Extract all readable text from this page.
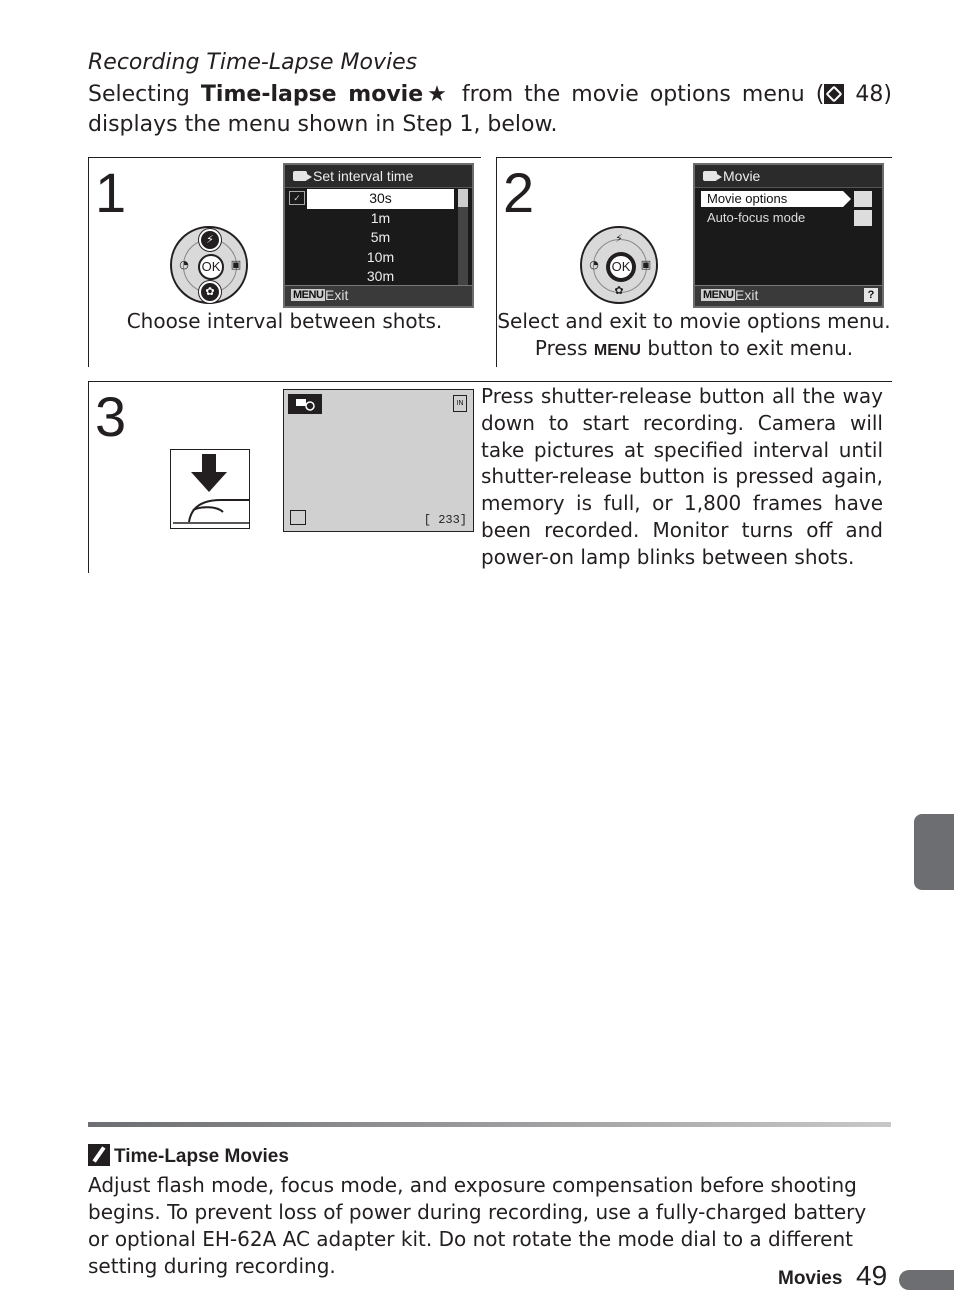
Recording Time-Lapse Movies
Selecting Time-lapse movie★ from the movie options menu ( 48) displays the menu shown in Step 1, below.
1
OK
⚡
◔	▣
✿
Set interval time
✓	30s
1m
5m
10m
30m
MENU Exit
Choose interval between shots.
2
OK
⚡
◔	▣
✿
Movie
Movie options
Auto-focus mode
MENU Exit	?
Select and exit to movie options menu.
Press MENU button to exit menu.
3	IN
[ 233]
Press shutter-release button all the way down to start recording. Camera will take pictures at specified interval until shutter-release button is pressed again, memory is full, or 1,800 frames have been recorded. Monitor turns off and power-on lamp blinks between shots.
Time-Lapse Movies
Adjust flash mode, focus mode, and exposure compensation before shooting begins. To prevent loss of power during recording, use a fully-charged battery or optional EH-62A AC adapter kit. Do not rotate the mode dial to a different setting during recording.
Movies 49
